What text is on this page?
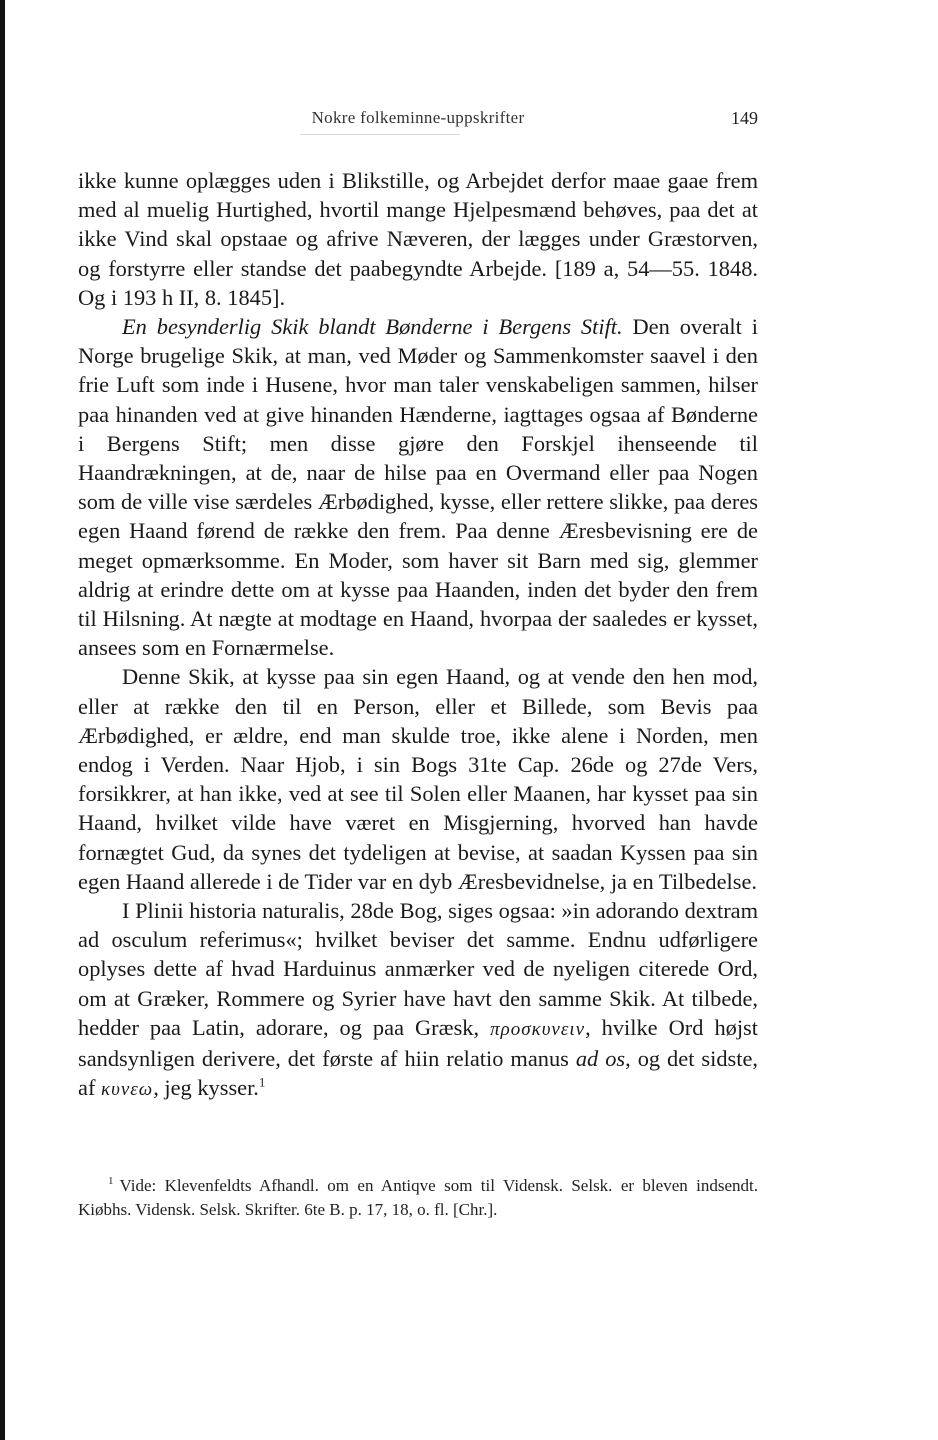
Nokre folkeminne-uppskrifter	149

ikke kunne oplægges uden i Blikstille, og Arbejdet derfor maae gaae frem med al muelig Hurtighed, hvortil mange Hjelpesmænd behøves, paa det at ikke Vind skal opstaae og afrive Næveren, der lægges under Græstorven, og forstyrre eller standse det paabegyndte Arbejde. [189 a, 54—55. 1848. Og i 193 h II, 8. 1845].

En besynderlig Skik blandt Bønderne i Bergens Stift. Den overalt i Norge brugelige Skik, at man, ved Møder og Sammenkomster saavel i den frie Luft som inde i Husene, hvor man taler venskabeligen sammen, hilser paa hinanden ved at give hinanden Hænderne, iagttages ogsaa af Bønderne i Bergens Stift; men disse gjøre den Forskjel ihenseende til Haandrækningen, at de, naar de hilse paa en Overmand eller paa Nogen som de ville vise særdeles Ærbødighed, kysse, eller rettere slikke, paa deres egen Haand førend de række den frem. Paa denne Æresbevisning ere de meget opmærksomme. En Moder, som haver sit Barn med sig, glemmer aldrig at erindre dette om at kysse paa Haanden, inden det byder den frem til Hilsning. At nægte at modtage en Haand, hvorpaa der saaledes er kysset, ansees som en Fornærmelse.

Denne Skik, at kysse paa sin egen Haand, og at vende den hen mod, eller at række den til en Person, eller et Billede, som Bevis paa Ærbødighed, er ældre, end man skulde troe, ikke alene i Norden, men endog i Verden. Naar Hjob, i sin Bogs 31te Cap. 26de og 27de Vers, forsikkrer, at han ikke, ved at see til Solen eller Maanen, har kysset paa sin Haand, hvilket vilde have været en Misgjerning, hvorved han havde fornægtet Gud, da synes det tydeligen at bevise, at saadan Kyssen paa sin egen Haand allerede i de Tider var en dyb Æresbevidnelse, ja en Tilbedelse.

I Plinii historia naturalis, 28de Bog, siges ogsaa: »in adorando dextram ad osculum referimus«; hvilket beviser det samme. Endnu udførligere oplyses dette af hvad Harduinus anmærker ved de nyeligen citerede Ord, om at Græker, Rommere og Syrier have havt den samme Skik. At tilbede, hedder paa Latin, adorare, og paa Græsk, προσκυνειν, hvilke Ord højst sandsynligen derivere, det første af hiin relatio manus ad os, og det sidste, af κυνεω, jeg kysser.$^1$

$^1$ Vide: Klevenfeldts Afhandl. om en Antiqve som til Vidensk. Selsk. er bleven indsendt. Kiøbhs. Vidensk. Selsk. Skrifter. 6te B. p. 17, 18, o. fl. [Chr.].
